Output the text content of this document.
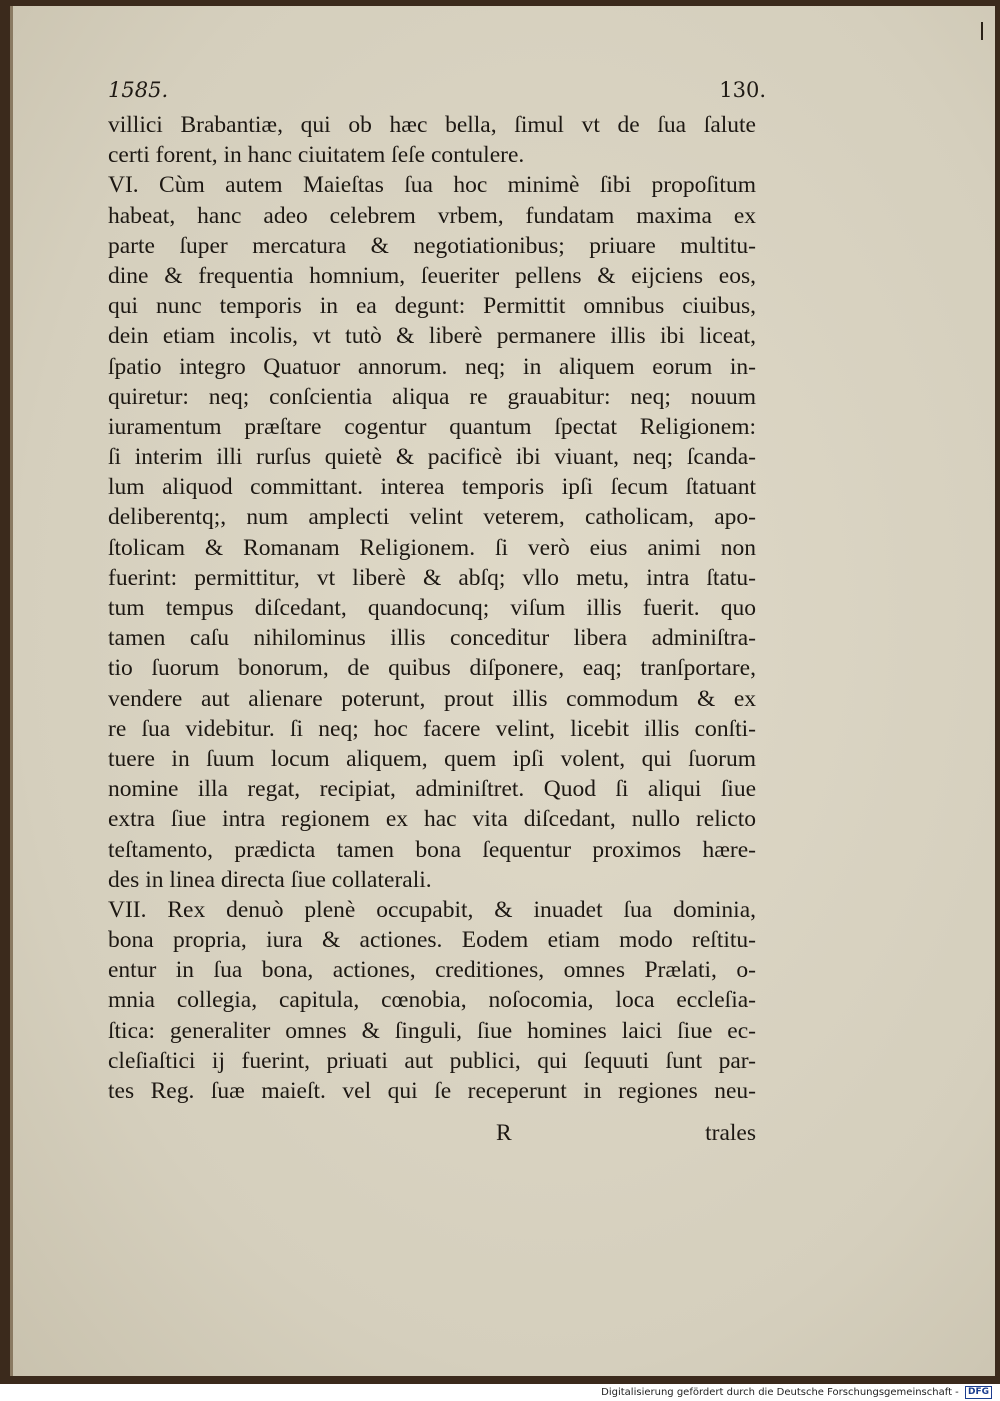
1585.	130.
villici Brabantiæ, qui ob hæc bella, ſimul vt de ſua ſalute
certi forent, in hanc ciuitatem ſeſe contulere.
VI. Cùm autem Maieſtas ſua hoc minimè ſibi propoſitum
habeat, hanc adeo celebrem vrbem, fundatam maxima ex
parte ſuper mercatura & negotiationibus; priuare multitu-
dine & frequentia homnium, ſeueriter pellens & eijciens eos,
qui nunc temporis in ea degunt: Permittit omnibus ciuibus,
dein etiam incolis, vt tutò & liberè permanere illis ibi liceat,
ſpatio integro Quatuor annorum. neq; in aliquem eorum in-
quiretur: neq; conſcientia aliqua re grauabitur: neq; nouum
iuramentum præſtare cogentur quantum ſpectat Religionem:
ſi interim illi rurſus quietè & pacificè ibi viuant, neq; ſcanda-
lum aliquod committant. interea temporis ipſi ſecum ſtatuant
deliberentq;, num amplecti velint veterem, catholicam, apo-
ſtolicam & Romanam Religionem. ſi verò eius animi non
fuerint: permittitur, vt liberè & abſq; vllo metu, intra ſtatu-
tum tempus diſcedant, quandocunq; viſum illis fuerit. quo
tamen caſu nihilominus illis conceditur libera adminiſtra-
tio ſuorum bonorum, de quibus diſponere, eaq; tranſportare,
vendere aut alienare poterunt, prout illis commodum & ex
re ſua videbitur. ſi neq; hoc facere velint, licebit illis conſti-
tuere in ſuum locum aliquem, quem ipſi volent, qui ſuorum
nomine illa regat, recipiat, adminiſtret. Quod ſi aliqui ſiue
extra ſiue intra regionem ex hac vita diſcedant, nullo relicto
teſtamento, prædicta tamen bona ſequentur proximos hære-
des in linea directa ſiue collaterali.
VII. Rex denuò plenè occupabit, & inuadet ſua dominia,
bona propria, iura & actiones. Eodem etiam modo reſtitu-
entur in ſua bona, actiones, creditiones, omnes Prælati, o-
mnia collegia, capitula, cœnobia, noſocomia, loca eccleſia-
ſtica: generaliter omnes & ſinguli, ſiue homines laici ſiue ec-
cleſiaſtici ij fuerint, priuati aut publici, qui ſequuti ſunt par-
tes Reg. ſuæ maieſt. vel qui ſe receperunt in regiones neu-
R	trales
Digitalisierung gefördert durch die Deutsche Forschungsgemeinschaft - DFG
